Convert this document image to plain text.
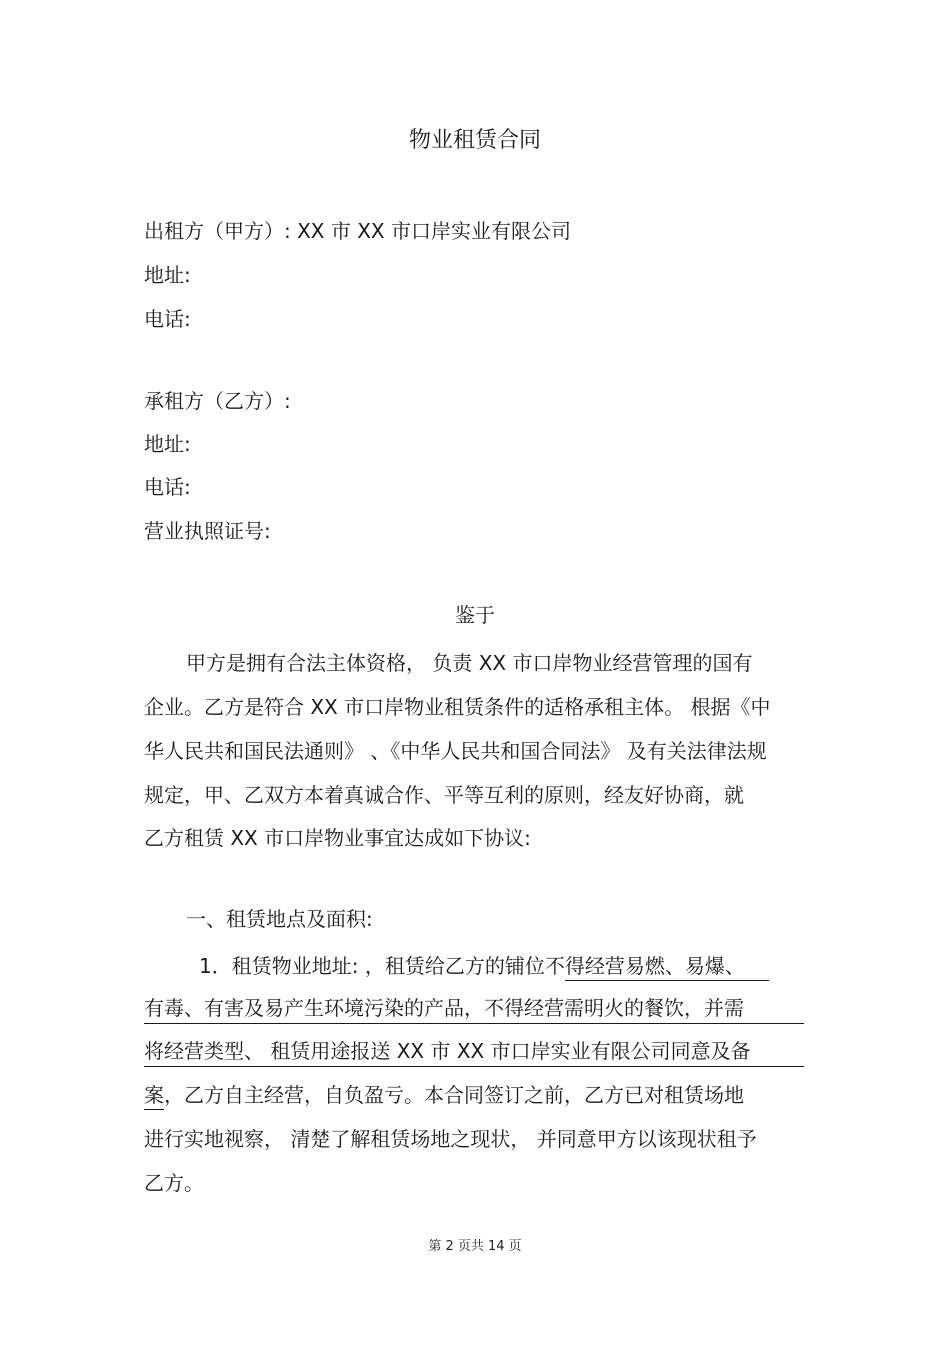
物业租赁合同
出租方（甲方）: XX 市 XX 市口岸实业有限公司
地址:
电话:
承租方（乙方）:
地址:
电话:
营业执照证号:
鉴于
甲方是拥有合法主体资格， 负责 XX 市口岸物业经营管理的国有
企业。乙方是符合 XX 市口岸物业租赁条件的适格承租主体。 根据《中
华人民共和国民法通则》 、《中华人民共和国合同法》 及有关法律法规
规定，甲、乙双方本着真诚合作、平等互利的原则，经友好协商，就
乙方租赁 XX 市口岸物业事宜达成如下协议:
一、租赁地点及面积:
1．租赁物业地址: ，租赁给乙方的铺位不得经营易燃、易爆、
有毒、有害及易产生环境污染的产品，不得经营需明火的餐饮，并需
将经营类型、 租赁用途报送 XX 市 XX 市口岸实业有限公司同意及备
案，乙方自主经营，自负盈亏。本合同签订之前，乙方已对租赁场地
进行实地视察， 清楚了解租赁场地之现状， 并同意甲方以该现状租予
乙方。
第 2 页共 14 页
